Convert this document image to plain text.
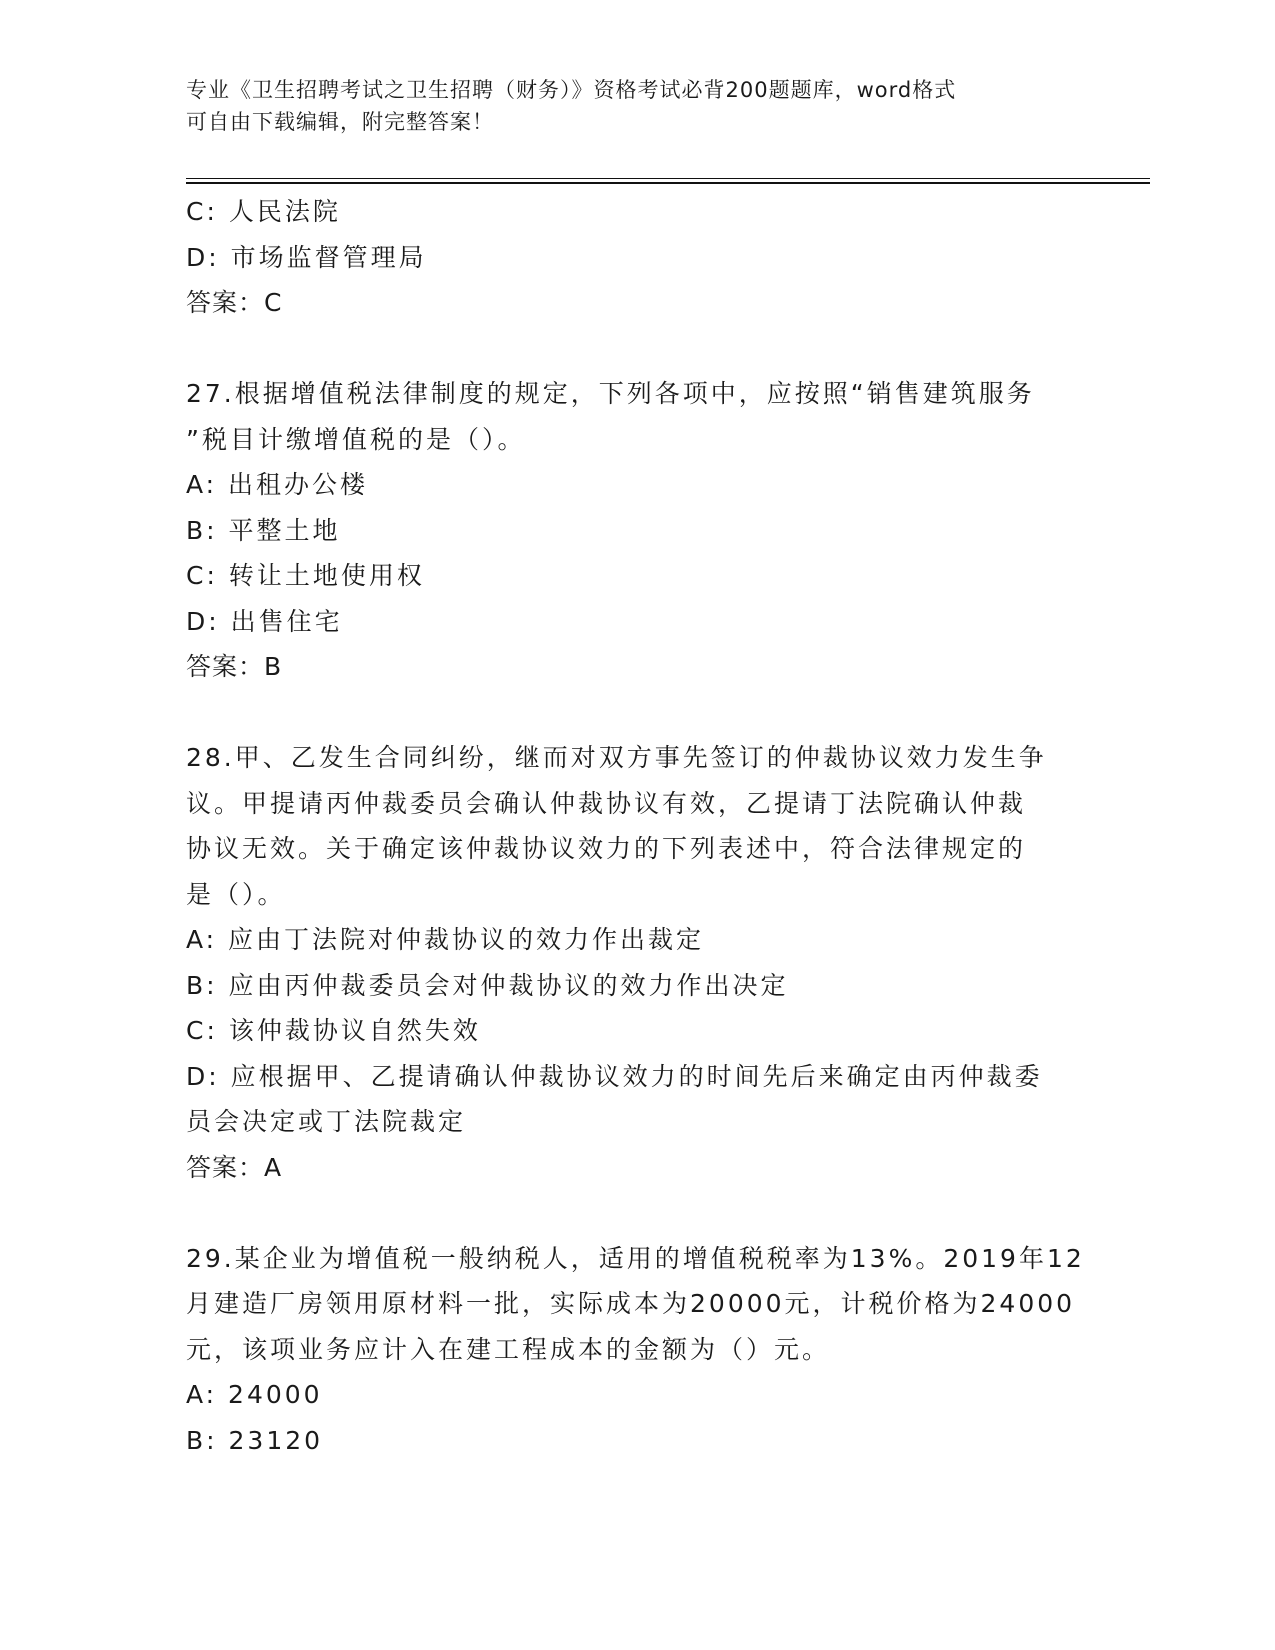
专业《卫生招聘考试之卫生招聘（财务）》资格考试必背200题题库，word格式
可自由下载编辑，附完整答案！
C: 人民法院
D: 市场监督管理局
答案：C
27.根据增值税法律制度的规定，下列各项中，应按照“销售建筑服务
”税目计缴增值税的是（）。
A: 出租办公楼
B: 平整土地
C: 转让土地使用权
D: 出售住宅
答案：B
28.甲、乙发生合同纠纷，继而对双方事先签订的仲裁协议效力发生争
议。甲提请丙仲裁委员会确认仲裁协议有效，乙提请丁法院确认仲裁
协议无效。关于确定该仲裁协议效力的下列表述中，符合法律规定的
是（）。
A: 应由丁法院对仲裁协议的效力作出裁定
B: 应由丙仲裁委员会对仲裁协议的效力作出决定
C: 该仲裁协议自然失效
D: 应根据甲、乙提请确认仲裁协议效力的时间先后来确定由丙仲裁委
员会决定或丁法院裁定
答案：A
29.某企业为增值税一般纳税人，适用的增值税税率为13%。2019年12
月建造厂房领用原材料一批，实际成本为20000元，计税价格为24000
元，该项业务应计入在建工程成本的金额为（）元。
A: 24000
B: 23120
